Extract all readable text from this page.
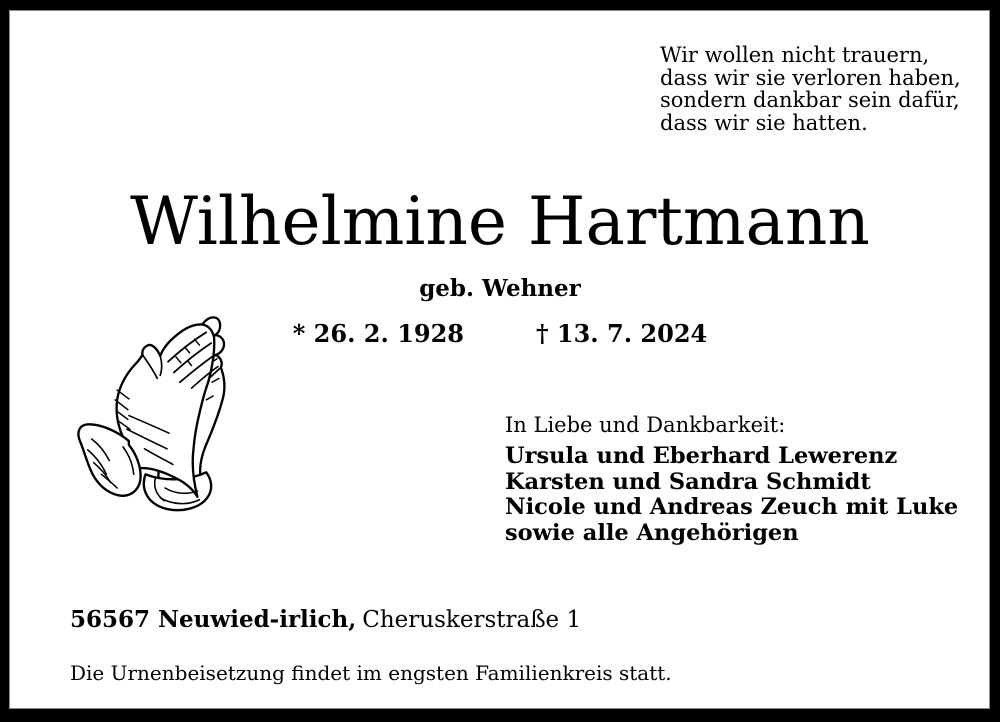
Wir wollen nicht trauern,
dass wir sie verloren haben,
sondern dankbar sein dafür,
dass wir sie hatten.
Wilhelmine Hartmann
geb. Wehner
* 26. 2. 1928	† 13. 7. 2024
In Liebe und Dankbarkeit:
Ursula und Eberhard Lewerenz
Karsten und Sandra Schmidt
Nicole und Andreas Zeuch mit Luke
sowie alle Angehörigen
56567 Neuwied-irlich, Cheruskerstraße 1
Die Urnenbeisetzung findet im engsten Familienkreis statt.
